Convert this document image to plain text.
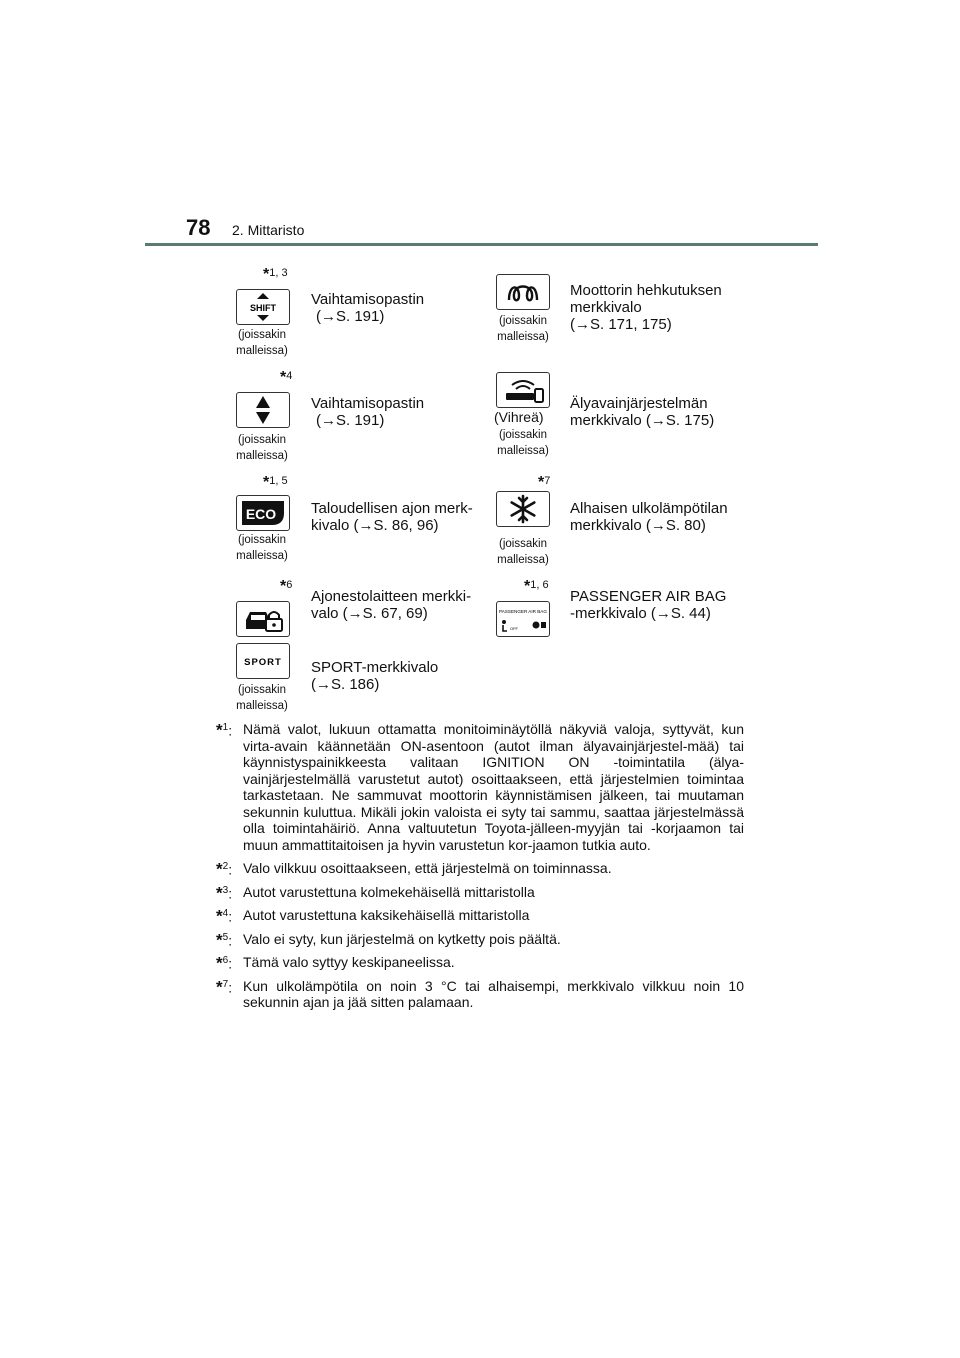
78 2. Mittaristo
*1, 3
SHIFT
(joissakin
malleissa)
Vaihtamisopastin
(→S. 191)	(joissakin
malleissa)
Moottorin hehkutuksen
merkkivalo
(→S. 171, 175)
*4
(joissakin
malleissa)
Vaihtamisopastin
(→S. 191)	(Vihreä)
(joissakin
malleissa)
Älyavainjärjestelmän
merkkivalo (→S. 175)
*1, 5
ECO
(joissakin
malleissa)
Taloudellisen ajon merk-
kivalo (→S. 86, 96)
*7
(joissakin
malleissa)
Alhaisen ulkolämpötilan
merkkivalo (→S. 80)
*6
Ajonestolaitteen merkki-
valo (→S. 67, 69)
*1, 6
PASSENGER AIR BAG
OFF
PASSENGER AIR BAG
-merkkivalo (→S. 44)
SPORT
(joissakin
malleissa)
SPORT-merkkivalo
(→S. 186)
*$^1$: Nämä valot, lukuun ottamatta monitoiminäytöllä näkyviä valoja, syttyvät, kun virta-avain käännetään ON-asentoon (autot ilman älyavainjärjestel-mää) tai käynnistyspainikkeesta valitaan IGNITION ON -toimintatila (älya-vainjärjestelmällä varustetut autot) osoittaakseen, että järjestelmien toimintaa tarkastetaan. Ne sammuvat moottorin käynnistämisen jälkeen, tai muutaman sekunnin kuluttua. Mikäli jokin valoista ei syty tai sammu, saattaa järjestelmässä olla toimintahäiriö. Anna valtuutetun Toyota-jälleen-myyjän tai -korjaamon tai muun ammattitaitoisen ja hyvin varustetun kor-jaamon tutkia auto.
*$^2$: Valo vilkkuu osoittaakseen, että järjestelmä on toiminnassa.
*$^3$: Autot varustettuna kolmekehäisellä mittaristolla
*$^4$: Autot varustettuna kaksikehäisellä mittaristolla
*$^5$: Valo ei syty, kun järjestelmä on kytketty pois päältä.
*$^6$: Tämä valo syttyy keskipaneelissa.
*$^7$: Kun ulkolämpötila on noin 3 °C tai alhaisempi, merkkivalo vilkkuu noin 10 sekunnin ajan ja jää sitten palamaan.
